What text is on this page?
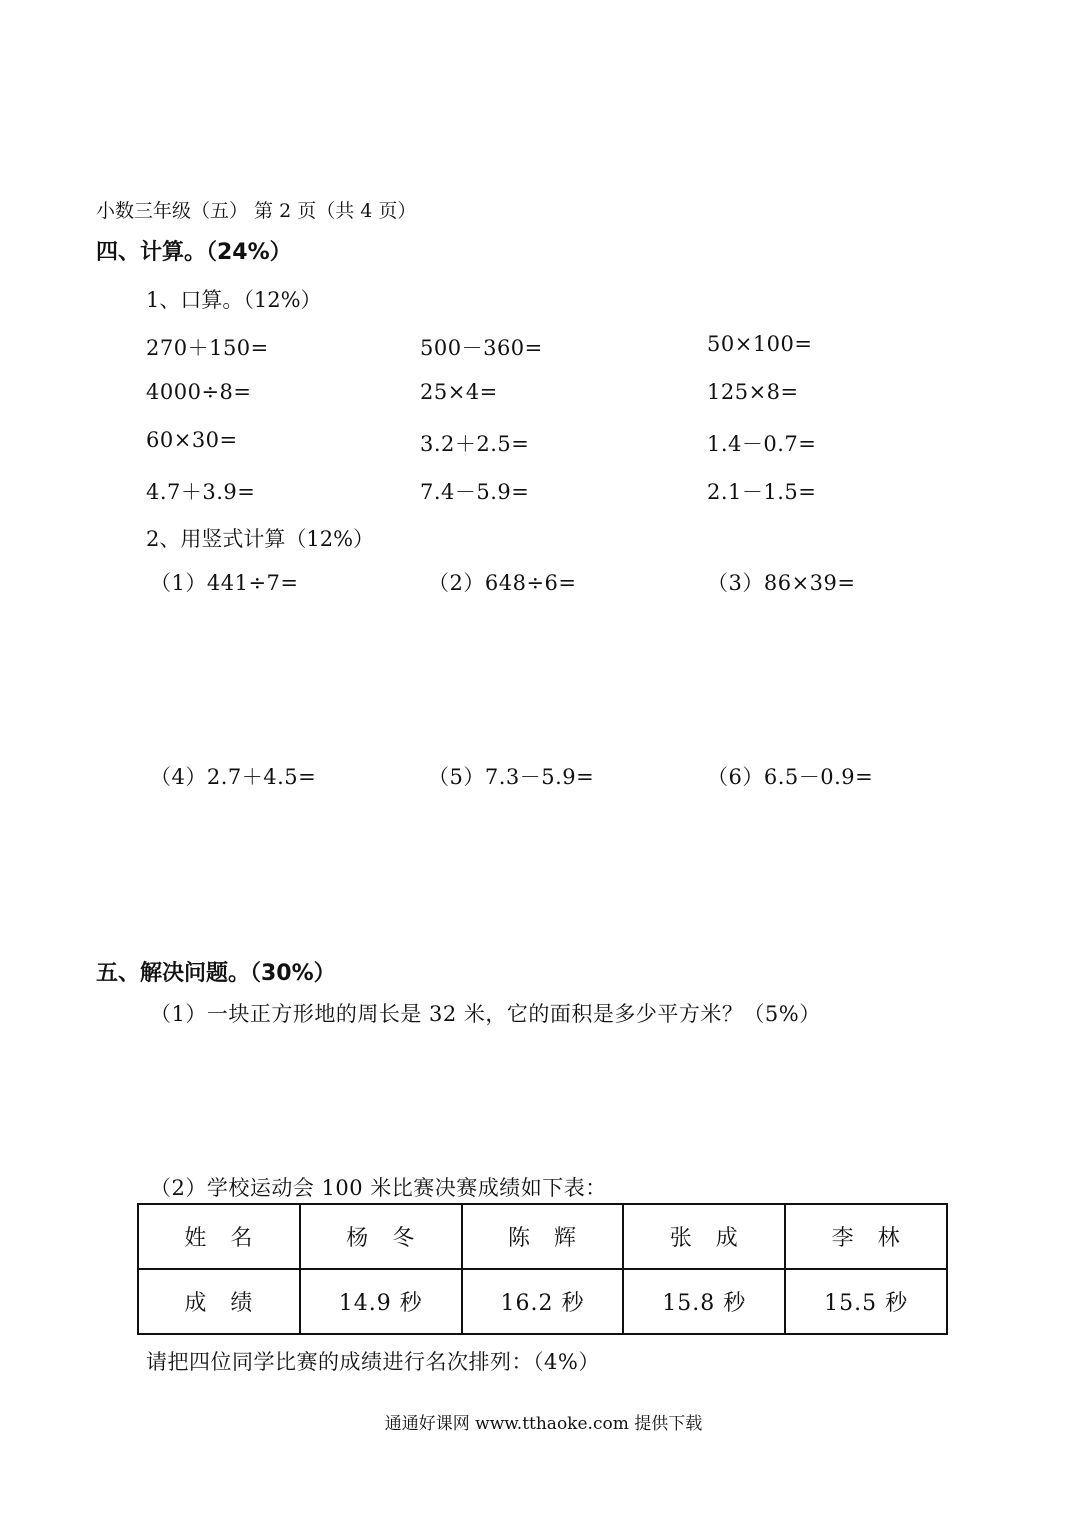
小数三年级（五） 第 2 页（共 4 页）
四、计算。（24%）
1、口算。（12%）
270＋150=	500－360=	50×100=
4000÷8=	25×4=	125×8=
60×30=	3.2＋2.5=	1.4－0.7=
4.7＋3.9=	7.4－5.9=	2.1－1.5=
2、用竖式计算（12%）
（1）441÷7=	（2）648÷6=	（3）86×39=
（4）2.7＋4.5=	（5）7.3－5.9=	（6）6.5－0.9=
五、解决问题。（30%）
（1）一块正方形地的周长是 32 米，它的面积是多少平方米？（5%）
（2）学校运动会 100 米比赛决赛成绩如下表：
姓　名	杨　冬	陈　辉	张　成	李　林
成　绩	14.9 秒	16.2 秒	15.8 秒	15.5 秒
请把四位同学比赛的成绩进行名次排列：（4%）
通通好课网 www.tthaoke.com 提供下载
